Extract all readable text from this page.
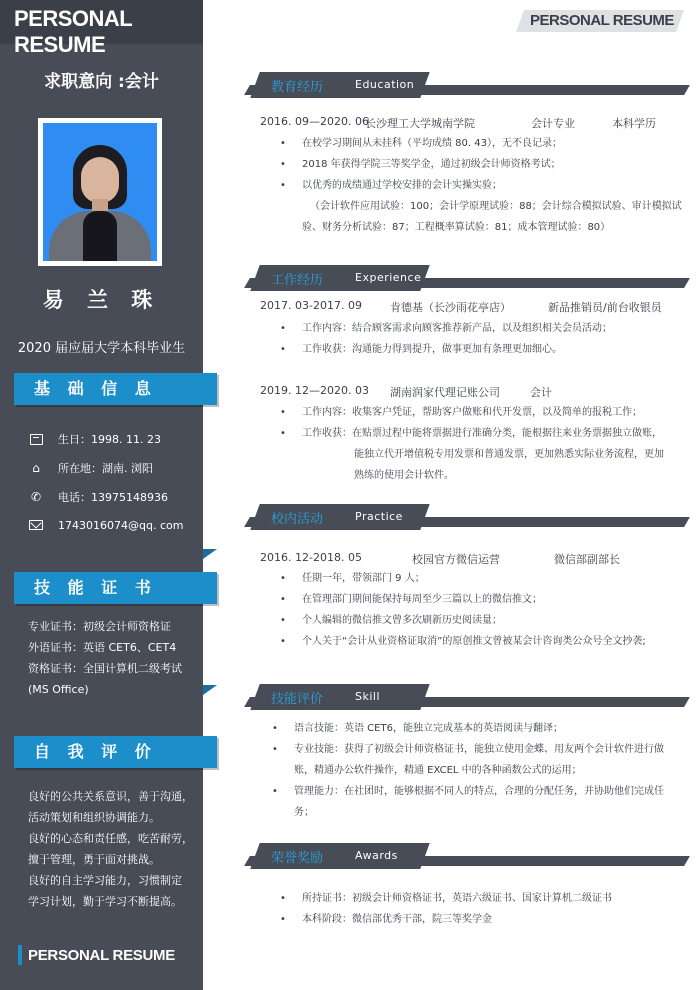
PERSONAL RESUME
求职意向 :会计
易 兰 珠
2020 届应届大学本科毕业生
基 础 信 息
生日：1998. 11. 23
⌂	所在地：湖南. 浏阳
✆ 电话：13975148936
1743016074@qq. com
技 能 证 书
专业证书：初级会计师资格证
外语证书：英语 CET6、CET4
资格证书：全国计算机二级考试
(MS Office)
自 我 评 价
良好的公共关系意识，善于沟通，
活动策划和组织协调能力。
良好的心态和责任感，吃苦耐劳，
擅于管理，勇于面对挑战。
良好的自主学习能力，习惯制定
学习计划，勤于学习不断提高。
PERSONAL RESUME
PERSONAL RESUME
教育经历	Education
2016. 09—2020. 06
长沙理工大学城南学院	会计专业	本科学历
• 在校学习期间从未挂科（平均成绩 80. 43），无不良记录；
• 2018 年获得学院三等奖学金，通过初级会计师资格考试；
• 以优秀的成绩通过学校安排的会计实操实验；
（会计软件应用试验：100；会计学原理试验：88；会计综合模拟试验、审计模拟试
验、财务分析试验：87；工程概率算试验：81；成本管理试验：80）
工作经历	Experience
2017. 03-2017. 09	肯德基（长沙雨花亭店）	新品推销员/前台收银员
• 工作内容：结合顾客需求向顾客推荐新产品，以及组织相关会员活动；
• 工作收获：沟通能力得到提升，做事更加有条理更加细心。
2019. 12—2020. 03 湖南润家代理记账公司	会计
• 工作内容：收集客户凭证，帮助客户做账和代开发票，以及简单的报税工作；
• 工作收获：在贴票过程中能将票据进行准确分类，能根据往来业务票据独立做账，
能独立代开增值税专用发票和普通发票，更加熟悉实际业务流程，更加
熟练的使用会计软件。
校内活动	Practice
2016. 12-2018. 05	校园官方微信运营	微信部副部长
• 任期一年，带领部门 9 人；
• 在管理部门期间能保持每周至少三篇以上的微信推文；
• 个人编辑的微信推文曾多次刷新历史阅读量；
• 个人关于“会计从业资格证取消”的原创推文曾被某会计咨询类公众号全文抄袭;
技能评价	Skill
• 语言技能：英语 CET6，能独立完成基本的英语阅读与翻译；
• 专业技能：获得了初级会计师资格证书，能独立使用金蝶、用友两个会计软件进行做
账，精通办公软件操作，精通 EXCEL 中的各种函数公式的运用；
• 管理能力：在社团时，能够根据不同人的特点，合理的分配任务，并协助他们完成任
务；
荣誉奖励	Awards
• 所持证书：初级会计师资格证书，英语六级证书、国家计算机二级证书
• 本科阶段：微信部优秀干部，院三等奖学金
